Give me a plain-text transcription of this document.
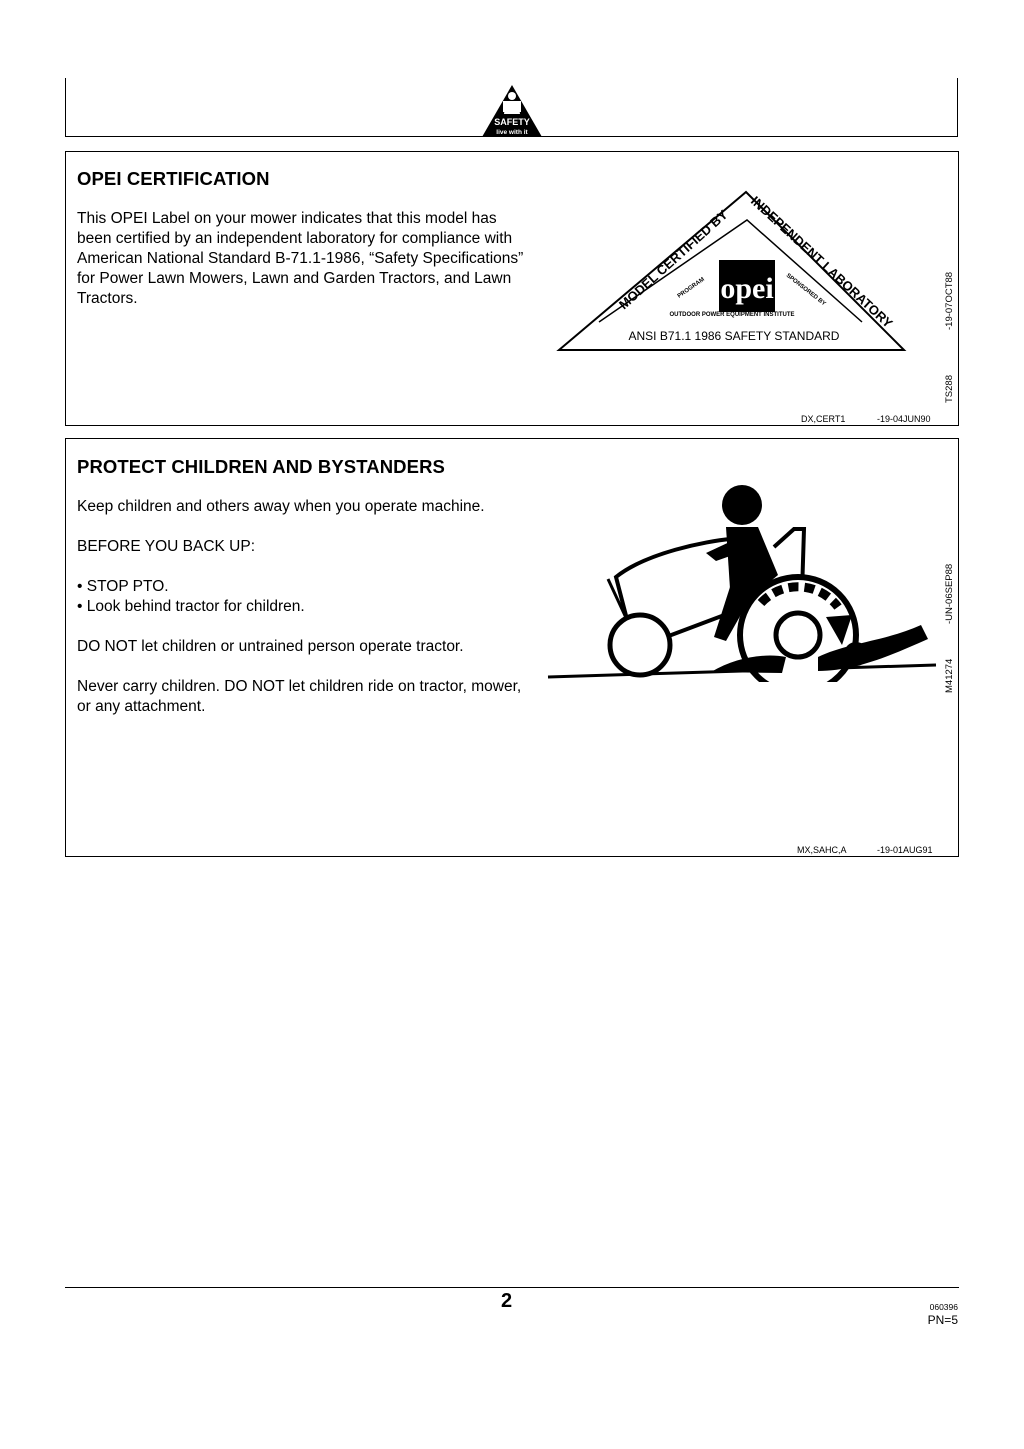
SAFETY
live with it
OPEI CERTIFICATION

This OPEI Label on your mower indicates that this model has been certified by an independent laboratory for compliance with American National Standard B-71.1-1986, “Safety Specifications” for Power Lawn Mowers, Lawn and Garden Tractors, and Lawn Tractors.	MODEL CERTIFIED BY
INDEPENDENT LABORATORY
PROGRAM	SPONSORED BY
opei
OUTDOOR POWER EQUIPMENT INSTITUTE
ANSI B71.1 1986 SAFETY STANDARD
-19-07OCT88
TS288
DX,CERT1	-19-04JUN90
PROTECT CHILDREN AND BYSTANDERS

Keep children and others away when you operate machine.

BEFORE YOU BACK UP:

• STOP PTO.
• Look behind tractor for children.

DO NOT let children or untrained person operate tractor.

Never carry children. DO NOT let children ride on tractor, mower, or any attachment.

-UN-06SEP88
M41274
MX,SAHC,A	-19-01AUG91
2	060396
PN=5
